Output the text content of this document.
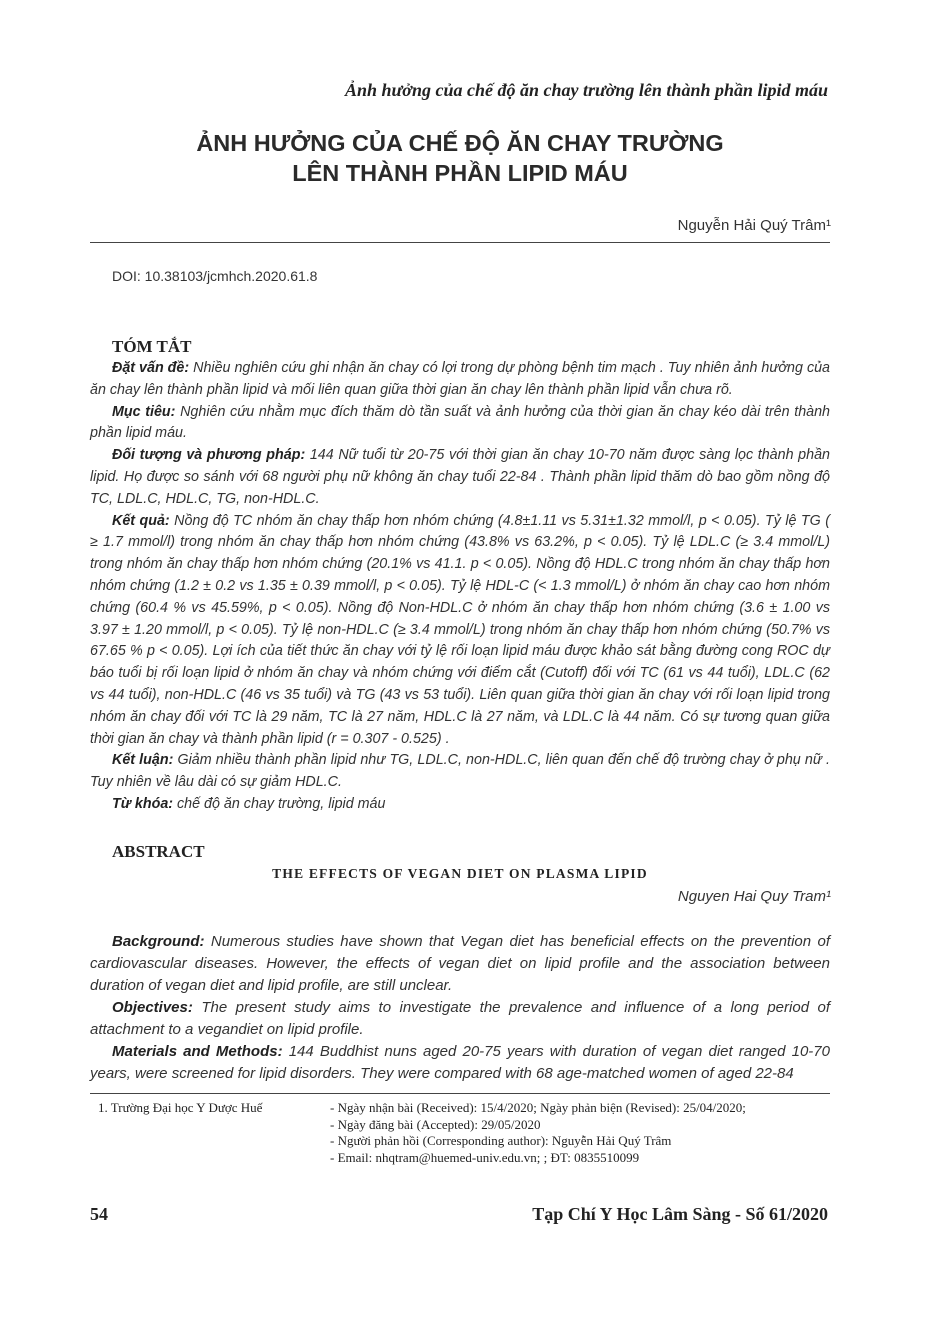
Ảnh hưởng của chế độ ăn chay trường lên thành phần lipid máu
ẢNH HƯỞNG CỦA CHẾ ĐỘ ĂN CHAY TRƯỜNG
LÊN THÀNH PHẦN LIPID MÁU
Nguyễn Hải Quý Trâm¹
DOI: 10.38103/jcmhch.2020.61.8
TÓM TẮT

Đặt vấn đề: Nhiều nghiên cứu ghi nhận ăn chay có lợi trong dự phòng bệnh tim mạch . Tuy nhiên ảnh hưởng của ăn chay lên thành phần lipid và mối liên quan giữa thời gian ăn chay lên thành phần lipid vẫn chưa rõ.

Mục tiêu: Nghiên cứu nhằm mục đích thăm dò tần suất và ảnh hưởng của thời gian ăn chay kéo dài trên thành phần lipid máu.

Đối tượng và phương pháp: 144 Nữ tuổi từ 20-75 với thời gian ăn chay 10-70 năm được sàng lọc thành phần lipid. Họ được so sánh với 68 người phụ nữ không ăn chay tuổi 22-84 . Thành phần lipid thăm dò bao gồm nồng độ TC, LDL.C, HDL.C, TG, non-HDL.C.

Kết quả: Nồng độ TC nhóm ăn chay thấp hơn nhóm chứng (4.8±1.11 vs 5.31±1.32 mmol/l, p < 0.05). Tỷ lệ TG ( ≥ 1.7 mmol/l) trong nhóm ăn chay thấp hơn nhóm chứng (43.8% vs 63.2%, p < 0.05). Tỷ lệ LDL.C (≥ 3.4 mmol/L) trong nhóm ăn chay thấp hơn nhóm chứng (20.1% vs 41.1. p < 0.05). Nồng độ HDL.C trong nhóm ăn chay thấp hơn nhóm chứng (1.2 ± 0.2 vs 1.35 ± 0.39 mmol/l, p < 0.05). Tỷ lệ HDL-C (< 1.3 mmol/L) ở nhóm ăn chay cao hơn nhóm chứng (60.4 % vs 45.59%, p < 0.05). Nồng độ Non-HDL.C ở nhóm ăn chay thấp hơn nhóm chứng (3.6 ± 1.00 vs 3.97 ± 1.20 mmol/l, p < 0.05). Tỷ lệ non-HDL.C (≥ 3.4 mmol/L) trong nhóm ăn chay thấp hơn nhóm chứng (50.7% vs 67.65 % p < 0.05). Lợi ích của tiết thức ăn chay với tỷ lệ rối loạn lipid máu được khảo sát bằng đường cong ROC dự báo tuổi bị rối loạn lipid ở nhóm ăn chay và nhóm chứng với điểm cắt (Cutoff) đối với TC (61 vs 44 tuổi), LDL.C (62 vs 44 tuổi), non-HDL.C (46 vs 35 tuổi) và TG (43 vs 53 tuổi). Liên quan giữa thời gian ăn chay với rối loạn lipid trong nhóm ăn chay đối với TC là 29 năm, TC là 27 năm, HDL.C là 27 năm, và LDL.C là 44 năm. Có sự tương quan giữa thời gian ăn chay và thành phần lipid (r = 0.307 - 0.525) .

Kết luận: Giảm nhiều thành phần lipid như TG, LDL.C, non-HDL.C, liên quan đến chế độ trường chay ở phụ nữ . Tuy nhiên về lâu dài có sự giảm HDL.C.

Từ khóa: chế độ ăn chay trường, lipid máu

ABSTRACT
THE EFFECTS OF VEGAN DIET ON PLASMA LIPID
Nguyen Hai Quy Tram¹

Background: Numerous studies have shown that Vegan diet has beneficial effects on the prevention of cardiovascular diseases. However, the effects of vegan diet on lipid profile and the association between duration of vegan diet and lipid profile, are still unclear.

Objectives: The present study aims to investigate the prevalence and influence of a long period of attachment to a vegandiet on lipid profile.

Materials and Methods: 144 Buddhist nuns aged 20-75 years with duration of vegan diet ranged 10-70 years, were screened for lipid disorders. They were compared with 68 age-matched women of aged 22-84

1. Trường Đại học Y Dược Huế	- Ngày nhận bài (Received): 15/4/2020; Ngày phản biện (Revised): 25/04/2020;
- Ngày đăng bài (Accepted): 29/05/2020
- Người phản hồi (Corresponding author): Nguyễn Hải Quý Trâm
- Email: nhqtram@huemed-univ.edu.vn; ; ĐT: 0835510099
54	Tạp Chí Y Học Lâm Sàng - Số 61/2020
